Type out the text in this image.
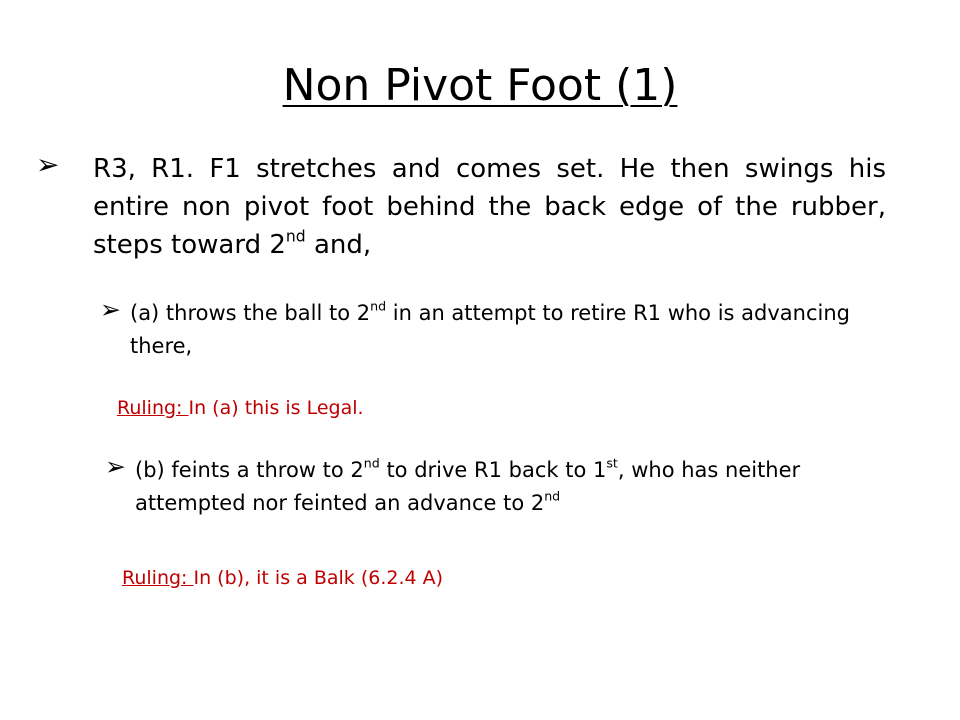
Non Pivot Foot (1)
➢ R3, R1. F1 stretches and comes set. He then swings his entire non pivot foot behind the back edge of the rubber, steps toward 2nd and,
➢ (a) throws the ball to 2nd in an attempt to retire R1 who is advancing there,
Ruling: In (a) this is Legal.
➢ (b) feints a throw to 2nd to drive R1 back to 1st, who has neither attempted nor feinted an advance to 2nd
Ruling: In (b), it is a Balk (6.2.4 A)
